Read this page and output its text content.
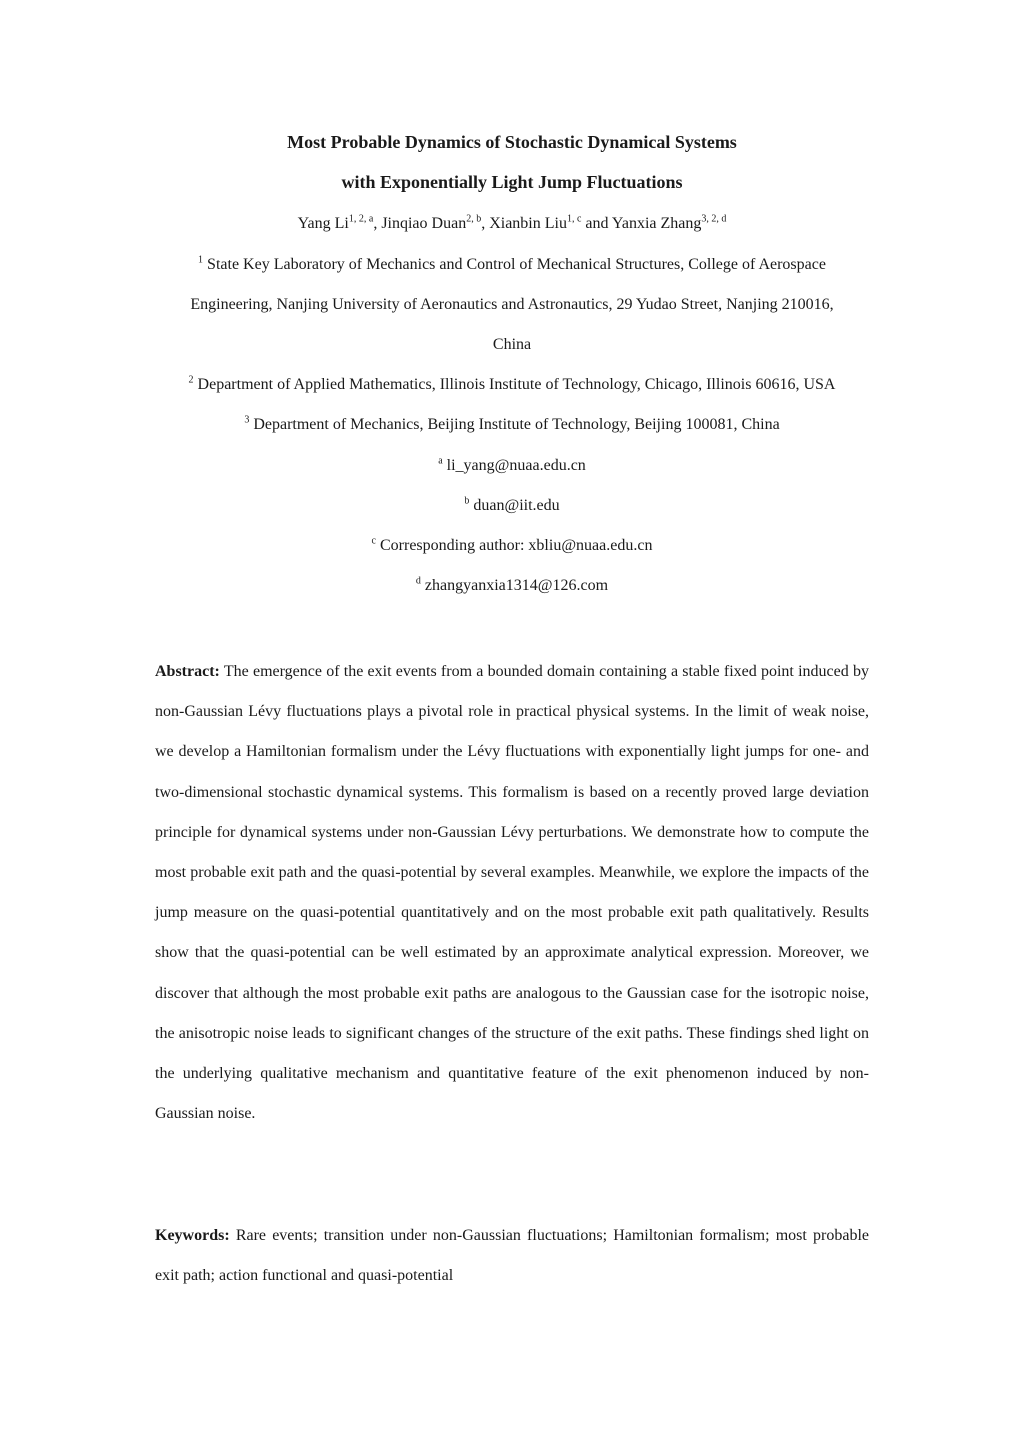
Most Probable Dynamics of Stochastic Dynamical Systems
with Exponentially Light Jump Fluctuations

Yang Li$^{1, 2, a}$, Jinqiao Duan$^{2, b}$, Xianbin Liu$^{1, c}$ and Yanxia Zhang$^{3, 2, d}$

$^1$ State Key Laboratory of Mechanics and Control of Mechanical Structures, College of Aerospace

Engineering, Nanjing University of Aeronautics and Astronautics, 29 Yudao Street, Nanjing 210016,

China

$^2$ Department of Applied Mathematics, Illinois Institute of Technology, Chicago, Illinois 60616, USA

$^3$ Department of Mechanics, Beijing Institute of Technology, Beijing 100081, China

$^a$ li_yang@nuaa.edu.cn

$^b$ duan@iit.edu

$^c$ Corresponding author: xbliu@nuaa.edu.cn

$^d$ zhangyanxia1314@126.com

Abstract: The emergence of the exit events from a bounded domain containing a stable fixed point induced by non-Gaussian Lévy fluctuations plays a pivotal role in practical physical systems. In the limit of weak noise, we develop a Hamiltonian formalism under the Lévy fluctuations with exponentially light jumps for one- and two-dimensional stochastic dynamical systems. This formalism is based on a recently proved large deviation principle for dynamical systems under non-Gaussian Lévy perturbations. We demonstrate how to compute the most probable exit path and the quasi-potential by several examples. Meanwhile, we explore the impacts of the jump measure on the quasi-potential quantitatively and on the most probable exit path qualitatively. Results show that the quasi-potential can be well estimated by an approximate analytical expression. Moreover, we discover that although the most probable exit paths are analogous to the Gaussian case for the isotropic noise, the anisotropic noise leads to significant changes of the structure of the exit paths. These findings shed light on the underlying qualitative mechanism and quantitative feature of the exit phenomenon induced by non-Gaussian noise.

Keywords: Rare events; transition under non-Gaussian fluctuations; Hamiltonian formalism; most probable exit path; action functional and quasi-potential
